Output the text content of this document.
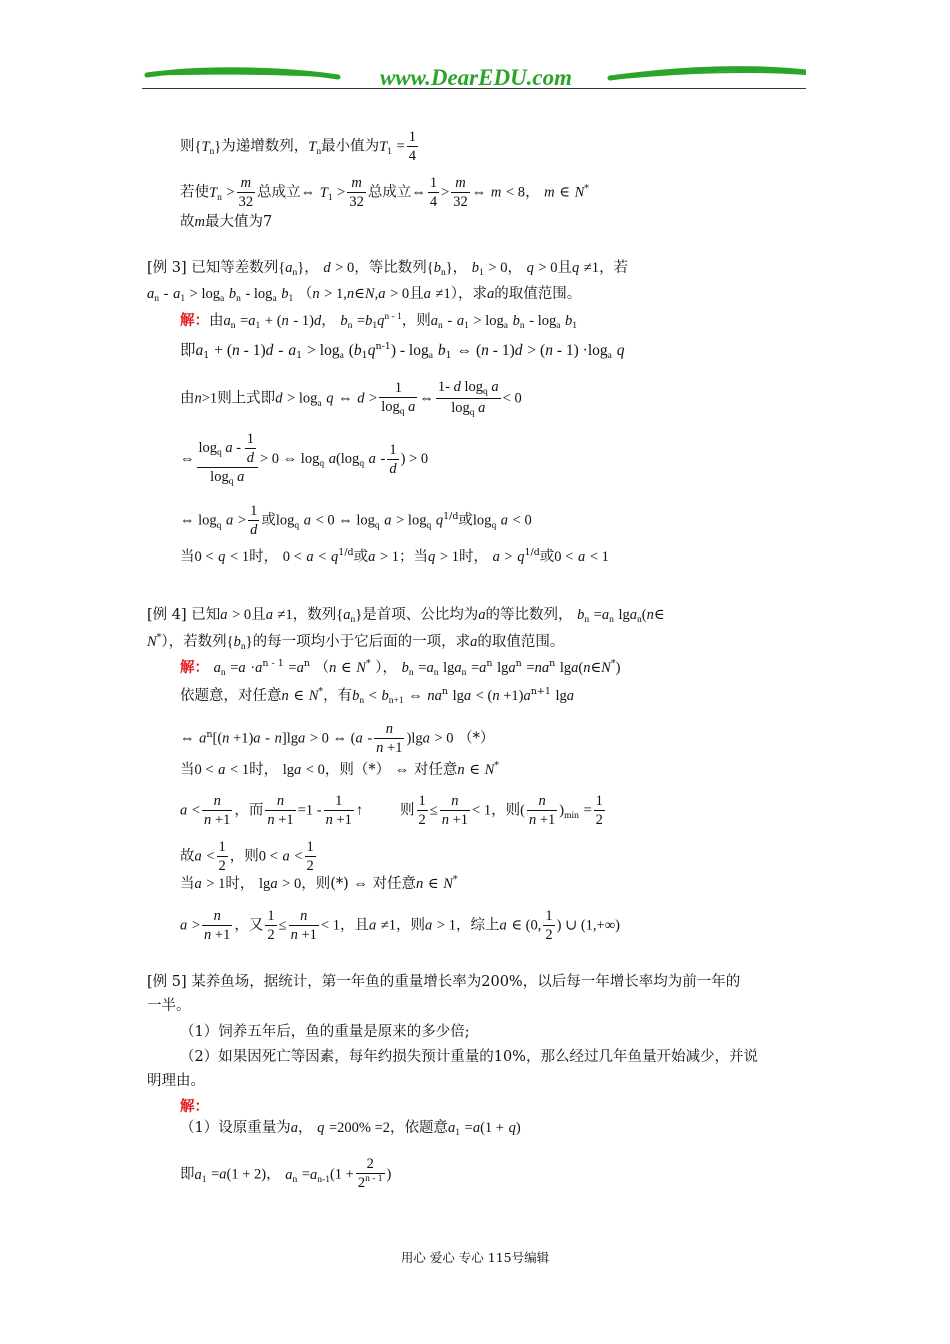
www.DearEDU.com
则$\{T_n\}$为递增数列，$T_n$最小值为$T_1 = \frac{1}{4}$
若使$T_n > \frac{m}{32}$ 总成立⇔ $T_1 > \frac{m}{32}$ 总成立⇔ $\frac{1}{4} > \frac{m}{32}$ ⇔ m < 8， m ∈ N*
故m最大值为7
[例 3] 已知等差数列$\{a_n\}$， d > 0，等比数列$\{b_n\}$， $b_1 > 0$， q > 0且q ≠1，若
$a_n - a_1 > \log_a b_n - \log_a b_1$ （n > 1,n∈N,a > 0且a ≠1），求a的取值范围。
解：由$a_n =a_1 + (n - 1)d$， $b_n =b_1q^{n - 1}$，则$a_n - a_1 > \log_a b_n - \log_a b_1$
即a1 + (n - 1)d - a1 > loga $(b1q^{n-1})$ - loga b1 ⇔ (n - 1)d > (n - 1) ·loga q
由n>1则上式即$d > \log_a q$ ⇔ $d > \frac{1}{\log_q a}$ ⇔ $\frac{1- d \log_q a}{\log_q a} < 0$
⇔ $\frac{\log_q a - \frac{1}{d}}{\log_q a} > 0$ ⇔ $\log_q a(\log_q$ a - $\frac{1}{d}$ ) > 0
⇔ $\log_q a > \frac{1}{d}$ 或$\log_q a < 0$ ⇔ $\log_q a > \log_q q^{1/d}$或$\log_q a < 0$
当0 < q < 1时， $0 < a < q^{1/d}$或a > 1；当q > 1时， $a > q^{1/d}$或0 < a < 1
[例 4] 已知a > 0且a ≠1，数列$\{a_n\}$是首项、公比均为a的等比数列， $b_n =a_n$ lga$_n$(n∈
N*），若数列$\{b_n\}$的每一项均小于它后面的一项，求a的取值范围。
解： $a_n =a \cdot a^{n - 1} =a^n$ （n ∈ N* ）， $b_n =a_n$ $\lg a_n =a^n$ $\lg a^n =na^n$ lga(n∈N*)
依题意，对任意n ∈ N*，有$b_n < b_{n+1}$ ⇔ $na^n$ $\lg a < (n +1)a^{n+1}$ lga
⇔ $a^n[(n +1)a - n]\lg a > 0$ ⇔ $(a - \frac{n}{n +1} )\lg a > 0$ （*）
当0 < a < 1时， lga < 0，则（*） ⇔ 对任意n ∈ N*
$a < \frac{n}{n +1}$ ，而 $\frac{n}{n +1} =1 - \frac{1}{n +1}$ ↑	则 $\frac{1}{2} \le \frac{n}{n +1} < 1$，则( $\frac{n}{n +1} )_{min} = \frac{1}{2}$
故$a < \frac{1}{2}$ ，则$0 < a < \frac{1}{2}$
当a > 1时， lga > 0，则(*) ⇔ 对任意n ∈ N*
$a > \frac{n}{n +1}$ ，又 $\frac{1}{2} \le \frac{n}{n +1} < 1$，且a ≠1，则a > 1，综上a ∈ (0, $\frac{1}{2}$ ) ∪ (1,+∞)
[例 5] 某养鱼场，据统计，第一年鱼的重量增长率为200%，以后每一年增长率均为前一年的
一半。
（1）饲养五年后，鱼的重量是原来的多少倍;
（2）如果因死亡等因素，每年约损失预计重量的10%，那么经过几年鱼量开始减少，并说
明理由。
解：
（1）设原重量为a， q =200% =2，依题意$a_1 =a(1 + q)$
即$a_1 =a(1 + 2)$， $a_n =a_{n-1}(1 + \frac{2}{2^{n - 1}}$ )
用心 爱心 专心 115号编辑
